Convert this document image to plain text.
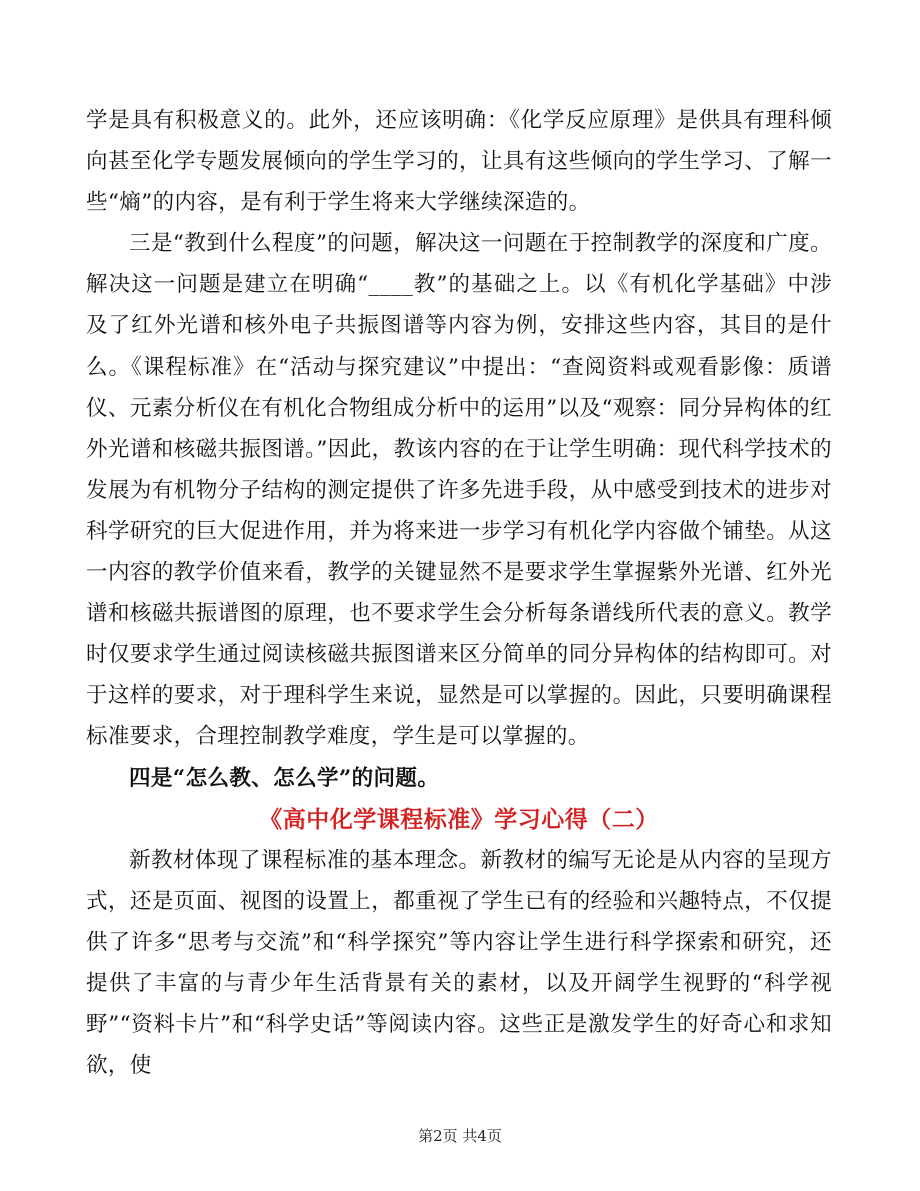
学是具有积极意义的。此外，还应该明确：《化学反应原理》是供具有理科倾向甚至化学专题发展倾向的学生学习的，让具有这些倾向的学生学习、了解一些“熵”的内容，是有利于学生将来大学继续深造的。

三是“教到什么程度”的问题，解决这一问题在于控制教学的深度和广度。解决这一问题是建立在明确“____教”的基础之上。以《有机化学基础》中涉及了红外光谱和核外电子共振图谱等内容为例，安排这些内容，其目的是什么。《课程标准》在“活动与探究建议”中提出：“查阅资料或观看影像：质谱仪、元素分析仪在有机化合物组成分析中的运用”以及“观察：同分异构体的红外光谱和核磁共振图谱。”因此，教该内容的在于让学生明确：现代科学技术的发展为有机物分子结构的测定提供了许多先进手段，从中感受到技术的进步对科学研究的巨大促进作用，并为将来进一步学习有机化学内容做个铺垫。从这一内容的教学价值来看，教学的关键显然不是要求学生掌握紫外光谱、红外光谱和核磁共振谱图的原理，也不要求学生会分析每条谱线所代表的意义。教学时仅要求学生通过阅读核磁共振图谱来区分简单的同分异构体的结构即可。对于这样的要求，对于理科学生来说，显然是可以掌握的。因此，只要明确课程标准要求，合理控制教学难度，学生是可以掌握的。

四是“怎么教、怎么学”的问题。

《高中化学课程标准》学习心得（二）

新教材体现了课程标准的基本理念。新教材的编写无论是从内容的呈现方式，还是页面、视图的设置上，都重视了学生已有的经验和兴趣特点，不仅提供了许多“思考与交流”和“科学探究”等内容让学生进行科学探索和研究，还提供了丰富的与青少年生活背景有关的素材，以及开阔学生视野的“科学视野”“资料卡片”和“科学史话”等阅读内容。这些正是激发学生的好奇心和求知欲，使

第2页 共4页
